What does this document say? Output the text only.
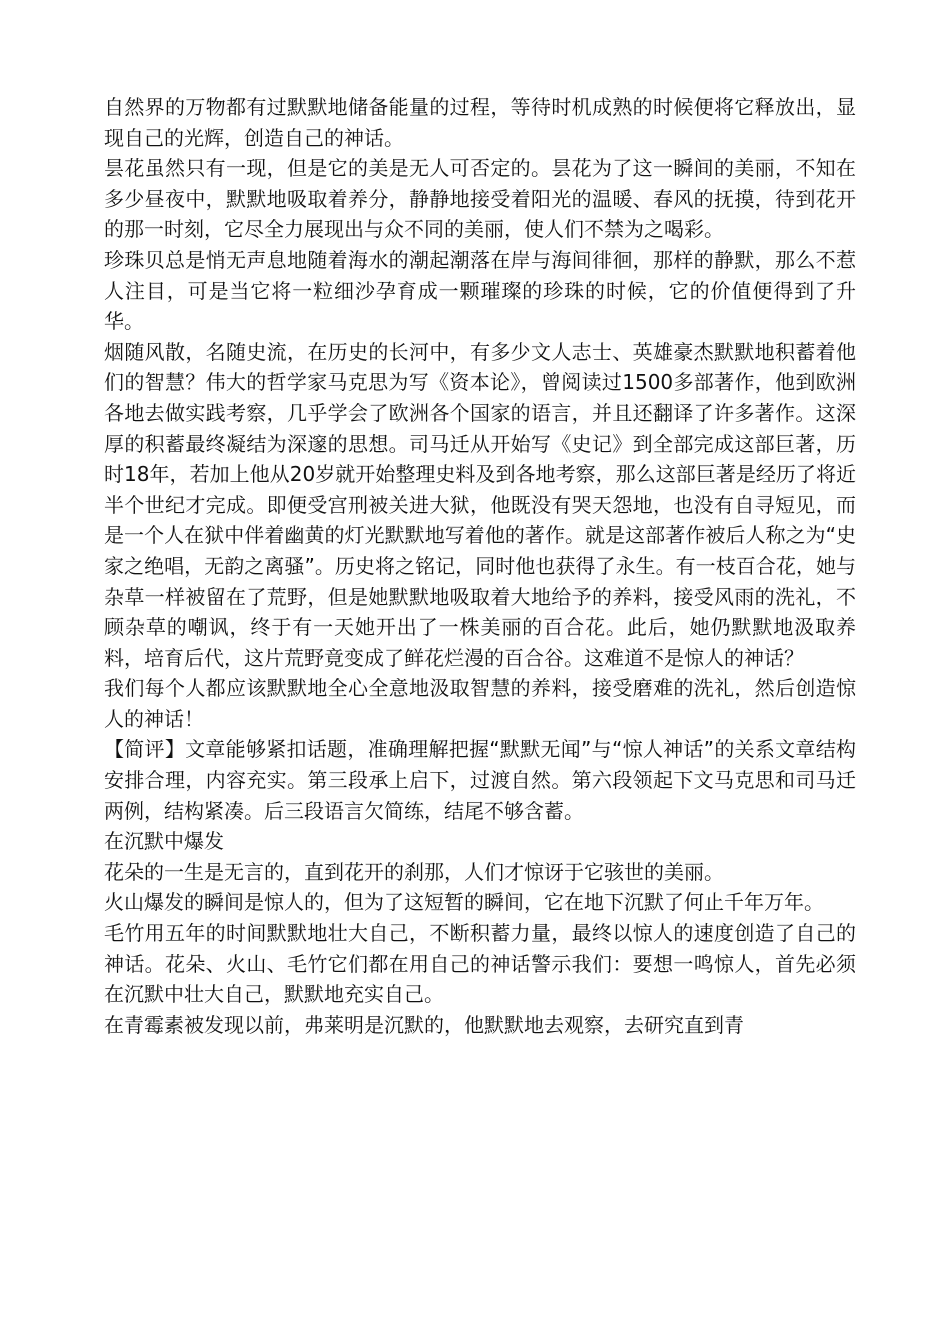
自然界的万物都有过默默地储备能量的过程，等待时机成熟的时候便将它释放出，显现自己的光辉，创造自己的神话。

昙花虽然只有一现，但是它的美是无人可否定的。昙花为了这一瞬间的美丽，不知在多少昼夜中，默默地吸取着养分，静静地接受着阳光的温暖、春风的抚摸，待到花开的那一时刻，它尽全力展现出与众不同的美丽，使人们不禁为之喝彩。

珍珠贝总是悄无声息地随着海水的潮起潮落在岸与海间徘徊，那样的静默，那么不惹人注目，可是当它将一粒细沙孕育成一颗璀璨的珍珠的时候，它的价值便得到了升华。

烟随风散，名随史流，在历史的长河中，有多少文人志士、英雄豪杰默默地积蓄着他们的智慧？伟大的哲学家马克思为写《资本论》，曾阅读过1500多部著作，他到欧洲各地去做实践考察，几乎学会了欧洲各个国家的语言，并且还翻译了许多著作。这深厚的积蓄最终凝结为深邃的思想。司马迁从开始写《史记》到全部完成这部巨著，历时18年，若加上他从20岁就开始整理史料及到各地考察，那么这部巨著是经历了将近半个世纪才完成。即便受宫刑被关进大狱，他既没有哭天怨地，也没有自寻短见，而是一个人在狱中伴着幽黄的灯光默默地写着他的著作。就是这部著作被后人称之为“史家之绝唱，无韵之离骚”。历史将之铭记，同时他也获得了永生。有一枝百合花，她与杂草一样被留在了荒野，但是她默默地吸取着大地给予的养料，接受风雨的洗礼，不顾杂草的嘲讽，终于有一天她开出了一株美丽的百合花。此后，她仍默默地汲取养料，培育后代，这片荒野竟变成了鲜花烂漫的百合谷。这难道不是惊人的神话？

我们每个人都应该默默地全心全意地汲取智慧的养料，接受磨难的洗礼，然后创造惊人的神话！

【简评】文章能够紧扣话题，准确理解把握“默默无闻”与“惊人神话”的关系文章结构安排合理，内容充实。第三段承上启下，过渡自然。第六段领起下文马克思和司马迁两例，结构紧凑。后三段语言欠简练，结尾不够含蓄。

在沉默中爆发

花朵的一生是无言的，直到花开的刹那，人们才惊讶于它骇世的美丽。

火山爆发的瞬间是惊人的，但为了这短暂的瞬间，它在地下沉默了何止千年万年。

毛竹用五年的时间默默地壮大自己，不断积蓄力量，最终以惊人的速度创造了自己的神话。花朵、火山、毛竹它们都在用自己的神话警示我们：要想一鸣惊人，首先必须在沉默中壮大自己，默默地充实自己。

在青霉素被发现以前，弗莱明是沉默的，他默默地去观察，去研究直到青
